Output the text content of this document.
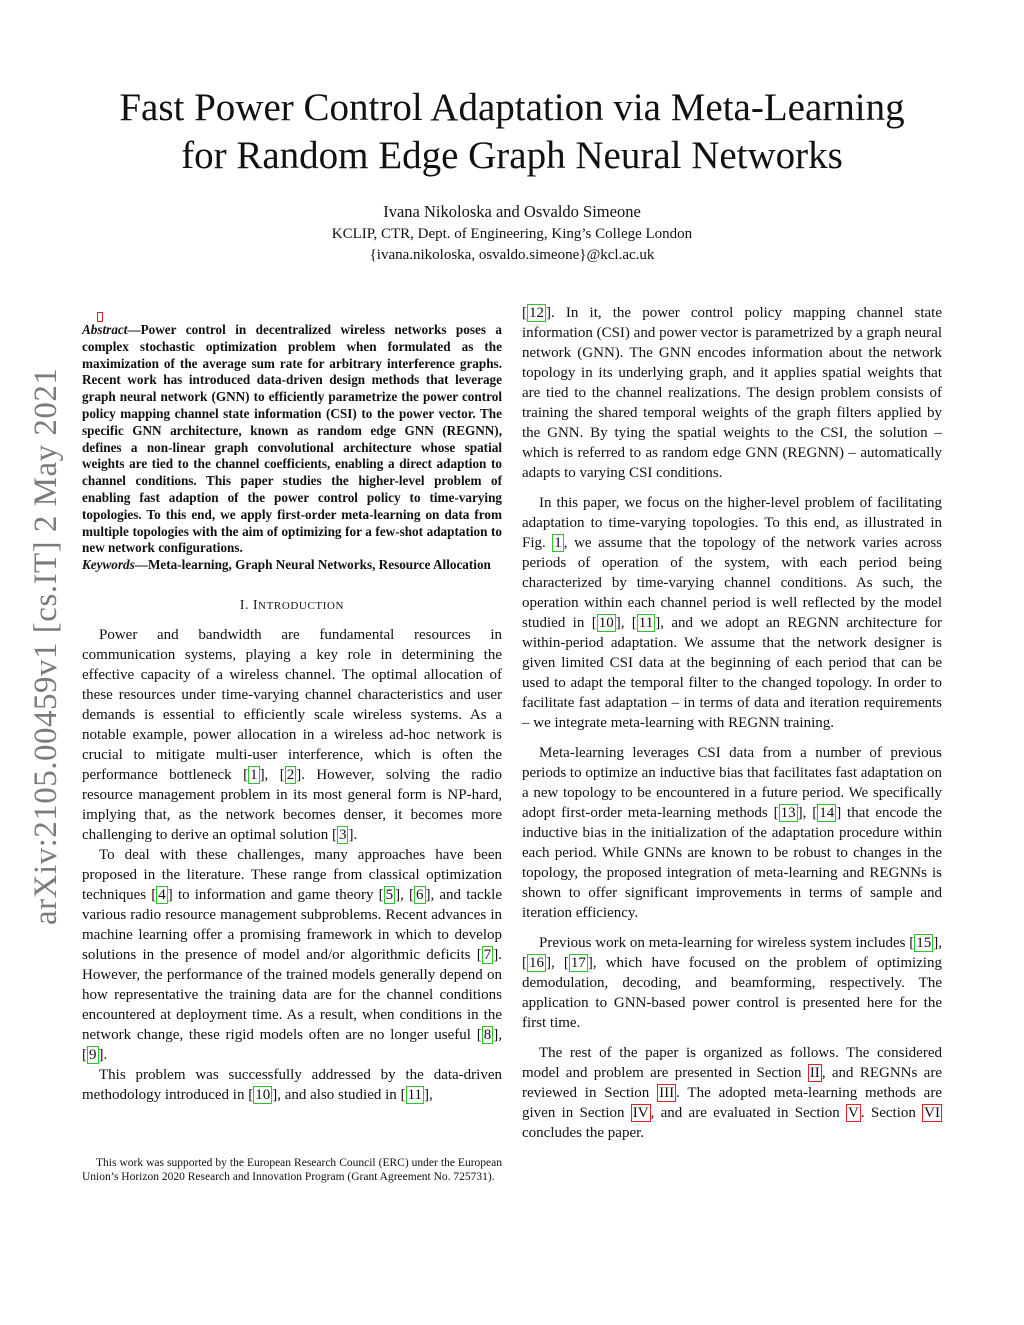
Fast Power Control Adaptation via Meta-Learning
for Random Edge Graph Neural Networks
Ivana Nikoloska and Osvaldo Simeone
KCLIP, CTR, Dept. of Engineering, King’s College London
{ivana.nikoloska, osvaldo.simeone}@kcl.ac.uk
arXiv:2105.00459v1 [cs.IT] 2 May 2021

Abstract—Power control in decentralized wireless networks poses a complex stochastic optimization problem when formulated as the maximization of the average sum rate for arbitrary interference graphs. Recent work has introduced data-driven design methods that leverage graph neural network (GNN) to efficiently parametrize the power control policy mapping channel state information (CSI) to the power vector. The specific GNN architecture, known as random edge GNN (REGNN), defines a non-linear graph convolutional architecture whose spatial weights are tied to the channel coefficients, enabling a direct adaption to channel conditions. This paper studies the higher-level problem of enabling fast adaption of the power control policy to time-varying topologies. To this end, we apply first-order meta-learning on data from multiple topologies with the aim of optimizing for a few-shot adaptation to new network configurations.

Keywords—Meta-learning, Graph Neural Networks, Resource Allocation

I. INTRODUCTION

Power and bandwidth are fundamental resources in communication systems, playing a key role in determining the effective capacity of a wireless channel. The optimal allocation of these resources under time-varying channel characteristics and user demands is essential to efficiently scale wireless systems. As a notable example, power allocation in a wireless ad-hoc network is crucial to mitigate multi-user interference, which is often the performance bottleneck [ 1 ], [ 2 ]. However, solving the radio resource management problem in its most general form is NP-hard, implying that, as the network becomes denser, it becomes more challenging to derive an optimal solution [ 3 ].

To deal with these challenges, many approaches have been proposed in the literature. These range from classical optimization techniques [ 4 ] to information and game theory [ 5 ], [ 6 ], and tackle various radio resource management subproblems. Recent advances in machine learning offer a promising framework in which to develop solutions in the presence of model and/or algorithmic deficits [ 7 ]. However, the performance of the trained models generally depend on how representative the training data are for the channel conditions encountered at deployment time. As a result, when conditions in the network change, these rigid models often are no longer useful [ 8 ], [ 9 ].

This problem was successfully addressed by the data-driven methodology introduced in [ 10 ], and also studied in [ 11 ],

This work was supported by the European Research Council (ERC) under the European Union’s Horizon 2020 Research and Innovation Program (Grant Agreement No. 725731).

[ 12 ]. In it, the power control policy mapping channel state information (CSI) and power vector is parametrized by a graph neural network (GNN). The GNN encodes information about the network topology in its underlying graph, and it applies spatial weights that are tied to the channel realizations. The design problem consists of training the shared temporal weights of the graph filters applied by the GNN. By tying the spatial weights to the CSI, the solution – which is referred to as random edge GNN (REGNN) – automatically adapts to varying CSI conditions.

In this paper, we focus on the higher-level problem of facilitating adaptation to time-varying topologies. To this end, as illustrated in Fig. 1 , we assume that the topology of the network varies across periods of operation of the system, with each period being characterized by time-varying channel conditions. As such, the operation within each channel period is well reflected by the model studied in [ 10 ], [ 11 ], and we adopt an REGNN architecture for within-period adaptation. We assume that the network designer is given limited CSI data at the beginning of each period that can be used to adapt the temporal filter to the changed topology. In order to facilitate fast adaptation – in terms of data and iteration requirements – we integrate meta-learning with REGNN training.

Meta-learning leverages CSI data from a number of previous periods to optimize an inductive bias that facilitates fast adaptation on a new topology to be encountered in a future period. We specifically adopt first-order meta-learning methods [ 13 ], [ 14 ] that encode the inductive bias in the initialization of the adaptation procedure within each period. While GNNs are known to be robust to changes in the topology, the proposed integration of meta-learning and REGNNs is shown to offer significant improvements in terms of sample and iteration efficiency.

Previous work on meta-learning for wireless system includes [ 15 ], [ 16 ], [ 17 ], which have focused on the problem of optimizing demodulation, decoding, and beamforming, respectively. The application to GNN-based power control is presented here for the first time.

The rest of the paper is organized as follows. The considered model and problem are presented in Section II , and REGNNs are reviewed in Section III . The adopted meta-learning methods are given in Section IV , and are evaluated in Section V . Section VI concludes the paper.
